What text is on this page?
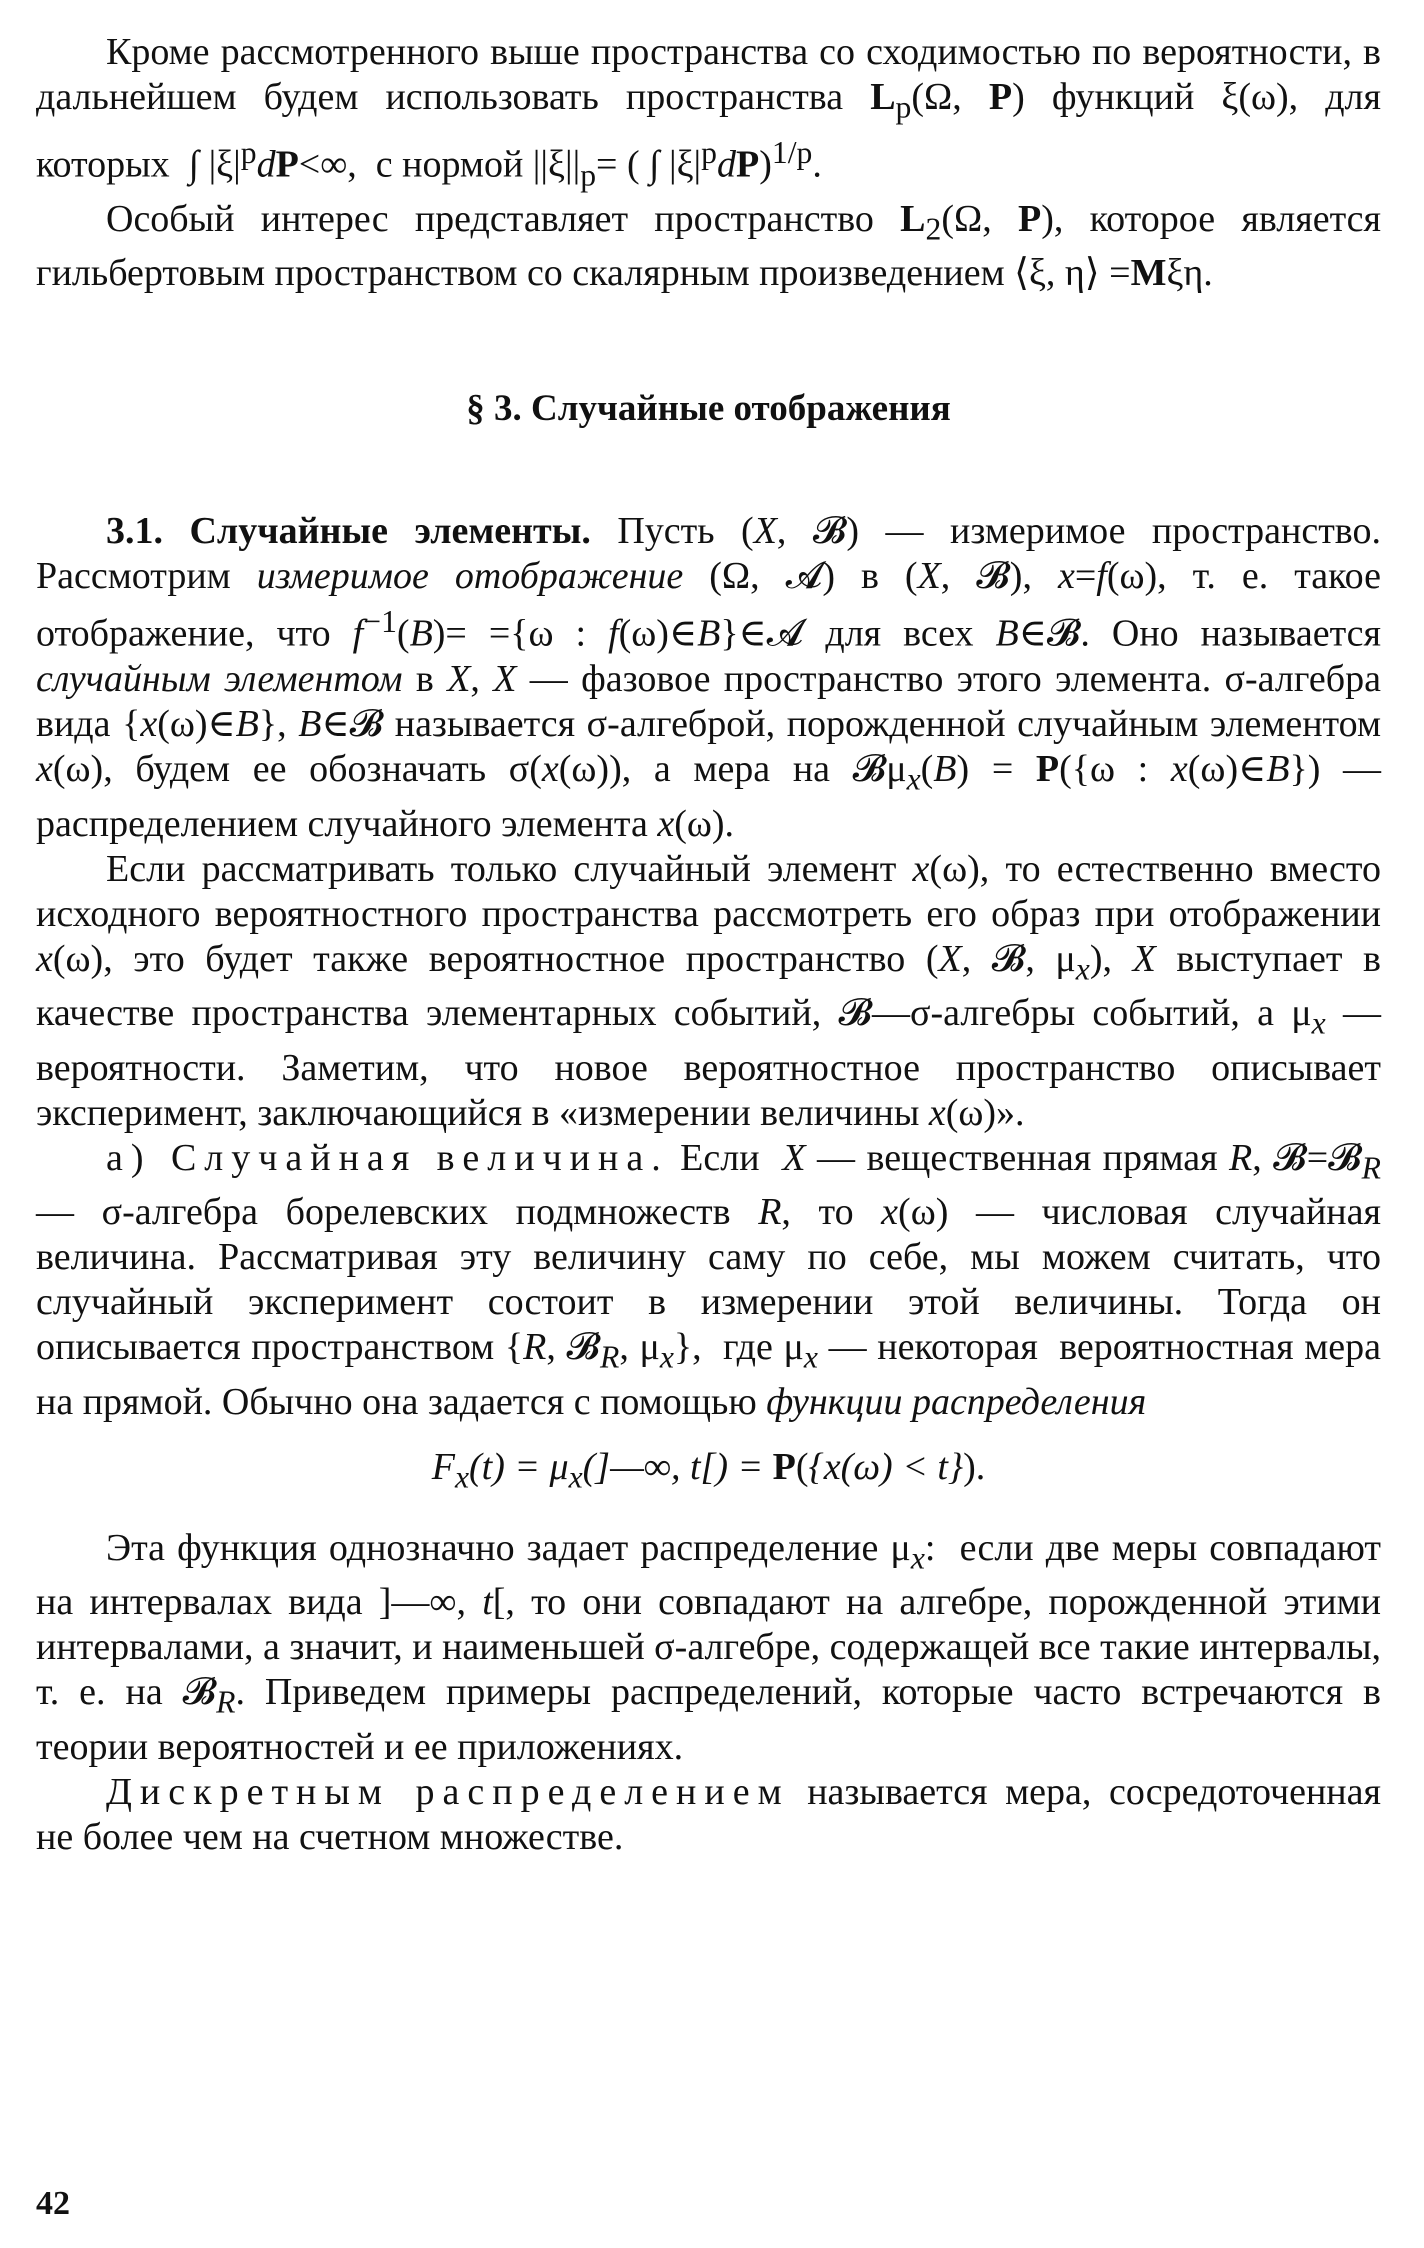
Кроме рассмотренного выше пространства со сходимостью по вероятности, в дальнейшем будем использовать пространства $L_p(\Omega$, P) функций ξ(ω), для которых  ∫ $|\xi|^pdP<\infty$,  с нормой $||\xi||_p=$ ( ∫ $|\xi|^pdP)^{1/p}$.

Особый интерес представляет пространство $L_2(\Omega$, P), которое является гильбертовым пространством со скалярным произведением ⟨ξ, η⟩ =Mξη.

§ 3. Случайные отображения

3.1. Случайные элементы. Пусть (X, 𝓑) — измеримое пространство. Рассмотрим измеримое отображение (Ω, 𝓐) в (X, 𝓑), x=f(ω), т. е. такое отображение, что $f^{-1}(B)= =\{\omega$ : f(ω)∈B}∈𝓐 для всех B∈𝓑. Оно называется случайным элементом в X, X — фазовое пространство этого элемента. σ-алгебра вида {x(ω)∈B}, B∈𝓑 называется σ-алгеброй, порожденной случайным элементом x(ω), будем ее обозначать σ(x(ω)), а мера на 𝓑μ$_x$(B) = P({ω : x(ω)∈B}) — распределением случайного элемента x(ω).

Если рассматривать только случайный элемент x(ω), то естественно вместо исходного вероятностного пространства рассмотреть его образ при отображении x(ω), это будет также вероятностное пространство (X, 𝓑, $\mu_x$), X выступает в качестве пространства элементарных событий, 𝓑—σ-алгебры событий, а $\mu_x$ — вероятности. Заметим, что новое вероятностное пространство описывает эксперимент, заключающийся в «измерении величины x(ω)».

а) Случайная величина. Если  X — вещественная прямая R, 𝓑=𝓑$_R$ — σ-алгебра борелевских подмножеств R, то x(ω) — числовая случайная величина. Рассматривая эту величину саму по себе, мы можем считать, что случайный эксперимент состоит в измерении этой величины. Тогда он описывается пространством {R, 𝓑$_R$, $\mu_x$},  где $\mu_x$ — некоторая  вероятностная мера на прямой. Обычно она задается с помощью функции распределения

$F_x(t)$ = $\mu_x(]—\infty$, t[) = P({x(ω) < t}).

Эта функция однозначно задает распределение $\mu_x$:  если две меры совпадают на интервалах вида ]—∞, t[, то они совпадают на алгебре, порожденной этими интервалами, а значит, и наименьшей σ-алгебре, содержащей все такие интервалы, т. е. на 𝓑$_R$. Приведем примеры распределений, которые часто встречаются в теории вероятностей и ее приложениях.

Дискретным распределением называется мера, сосредоточенная не более чем на счетном множестве.

42
